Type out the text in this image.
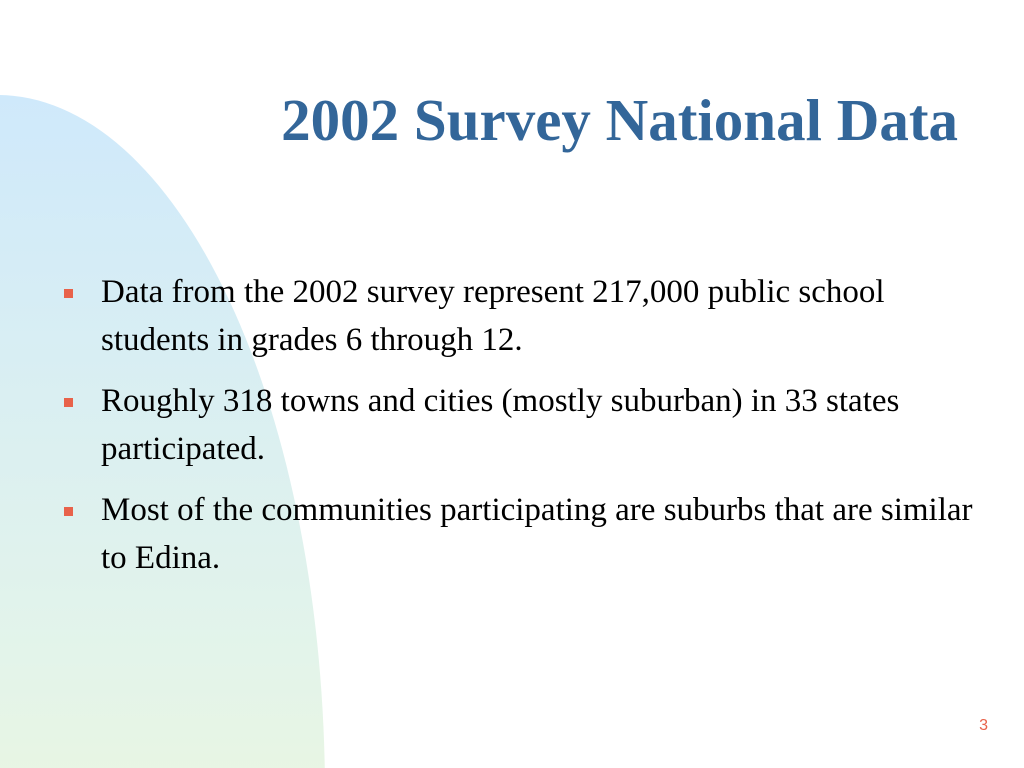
2002 Survey National Data
Data from the 2002 survey represent 217,000 public school students in grades 6 through 12.
Roughly 318 towns and cities (mostly suburban) in 33 states participated.
Most of the communities participating are suburbs that are similar to Edina.
3
